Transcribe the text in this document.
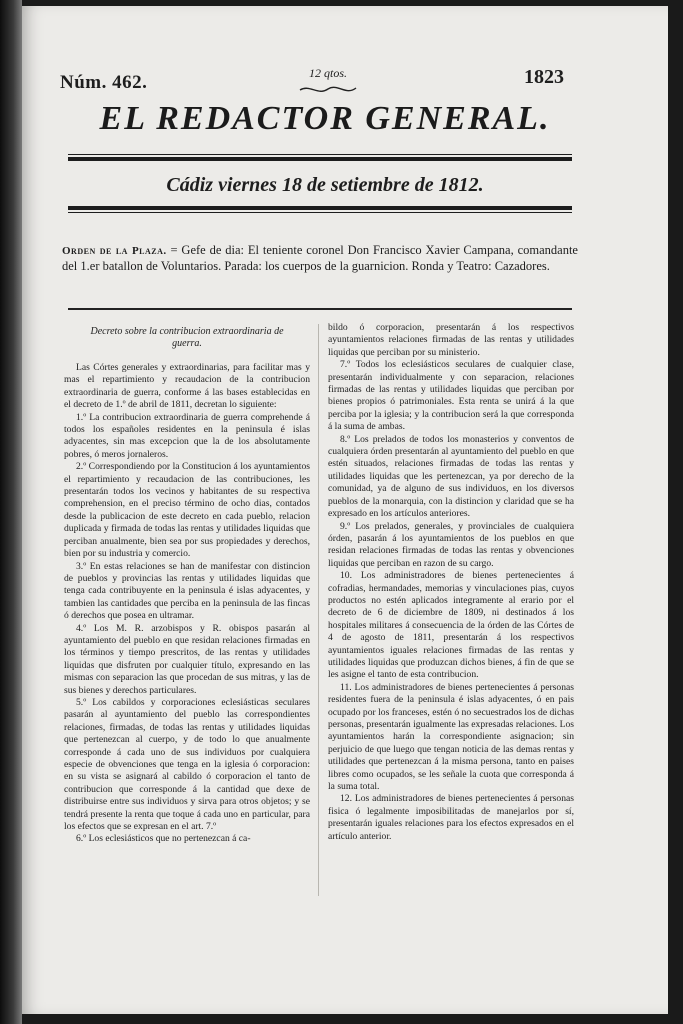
Núm. 462.	12 qtos.	1823
EL REDACTOR GENERAL.
Cádiz viernes 18 de setiembre de 1812.
Orden de la Plaza. = Gefe de dia: El teniente coronel Don Francisco Xavier Campana, comandante del 1.er batallon de Voluntarios. Parada: los cuerpos de la guarnicion. Ronda y Teatro: Cazadores.
Decreto sobre la contribucion extraordinaria de guerra.

Las Córtes generales y extraordinarias, para facilitar mas y mas el repartimiento y recaudacion de la contribucion extraordinaria de guerra, conforme á las bases establecidas en el decreto de 1.º de abril de 1811, decretan lo siguiente:

1.º La contribucion extraordinaria de guerra comprehende á todos los españoles residentes en la peninsula é islas adyacentes, sin mas excepcion que la de los absolutamente pobres, ó meros jornaleros.

2.º Correspondiendo por la Constitucion á los ayuntamientos el repartimiento y recaudacion de las contribuciones, les presentarán todos los vecinos y habitantes de su respectiva comprehension, en el preciso término de ocho dias, contados desde la publicacion de este decreto en cada pueblo, relacion duplicada y firmada de todas las rentas y utilidades liquidas que perciban anualmente, bien sea por sus propiedades y derechos, bien por su industria y comercio.

3.º En estas relaciones se han de manifestar con distincion de pueblos y provincias las rentas y utilidades liquidas que tenga cada contribuyente en la peninsula é islas adyacentes, y tambien las cantidades que perciba en la peninsula de las fincas ó derechos que posea en ultramar.

4.º Los M. R. arzobispos y R. obispos pasarán al ayuntamiento del pueblo en que residan relaciones firmadas en los términos y tiempo prescritos, de las rentas y utilidades liquidas que disfruten por cualquier título, expresando en las mismas con separacion las que procedan de sus mitras, y las de sus bienes y derechos particulares.

5.º Los cabildos y corporaciones eclesiásticas seculares pasarán al ayuntamiento del pueblo las correspondientes relaciones, firmadas, de todas las rentas y utilidades liquidas que pertenezcan al cuerpo, y de todo lo que anualmente corresponde á cada uno de sus individuos por cualquiera especie de obvenciones que tenga en la iglesia ó corporacion: en su vista se asignará al cabildo ó corporacion el tanto de contribucion que corresponde á la cantidad que dexe de distribuirse entre sus individuos y sirva para otros objetos; y se tendrá presente la renta que toque á cada uno en particular, para los efectos que se expresan en el art. 7.º

6.º Los eclesiásticos que no pertenezcan á ca-

bildo ó corporacion, presentarán á los respectivos ayuntamientos relaciones firmadas de las rentas y utilidades liquidas que perciban por su ministerio.

7.º Todos los eclesiásticos seculares de cualquier clase, presentarán individualmente y con separacion, relaciones firmadas de las rentas y utilidades liquidas que perciban por bienes propios ó patrimoniales. Esta renta se unirá á la que perciba por la iglesia; y la contribucion será la que corresponda á la suma de ambas.

8.º Los prelados de todos los monasterios y conventos de cualquiera órden presentarán al ayuntamiento del pueblo en que estén situados, relaciones firmadas de todas las rentas y utilidades liquidas que les pertenezcan, ya por derecho de la comunidad, ya de alguno de sus individuos, en los diversos pueblos de la monarquia, con la distincion y claridad que se ha expresado en los artículos anteriores.

9.º Los prelados, generales, y provinciales de cualquiera órden, pasarán á los ayuntamientos de los pueblos en que residan relaciones firmadas de todas las rentas y obvenciones liquidas que perciban en razon de su cargo.

10. Los administradores de bienes pertenecientes á cofradias, hermandades, memorias y vinculaciones pias, cuyos productos no estén aplicados integramente al erario por el decreto de 6 de diciembre de 1809, ni destinados á los hospitales militares á consecuencia de la órden de las Córtes de 4 de agosto de 1811, presentarán á los respectivos ayuntamientos iguales relaciones firmadas de las rentas y utilidades liquidas que produzcan dichos bienes, á fin de que se les asigne el tanto de esta contribucion.

11. Los administradores de bienes pertenecientes á personas residentes fuera de la peninsula é islas adyacentes, ó en pais ocupado por los franceses, estén ó no secuestrados los de dichas personas, presentarán igualmente las expresadas relaciones. Los ayuntamientos harán la correspondiente asignacion; sin perjuicio de que luego que tengan noticia de las demas rentas y utilidades que pertenezcan á la misma persona, tanto en paises libres como ocupados, se les señale la cuota que corresponda á la suma total.

12. Los administradores de bienes pertenecientes á personas fisica ó legalmente imposibilitadas de manejarlos por sí, presentarán iguales relaciones para los efectos expresados en el artículo anterior.
